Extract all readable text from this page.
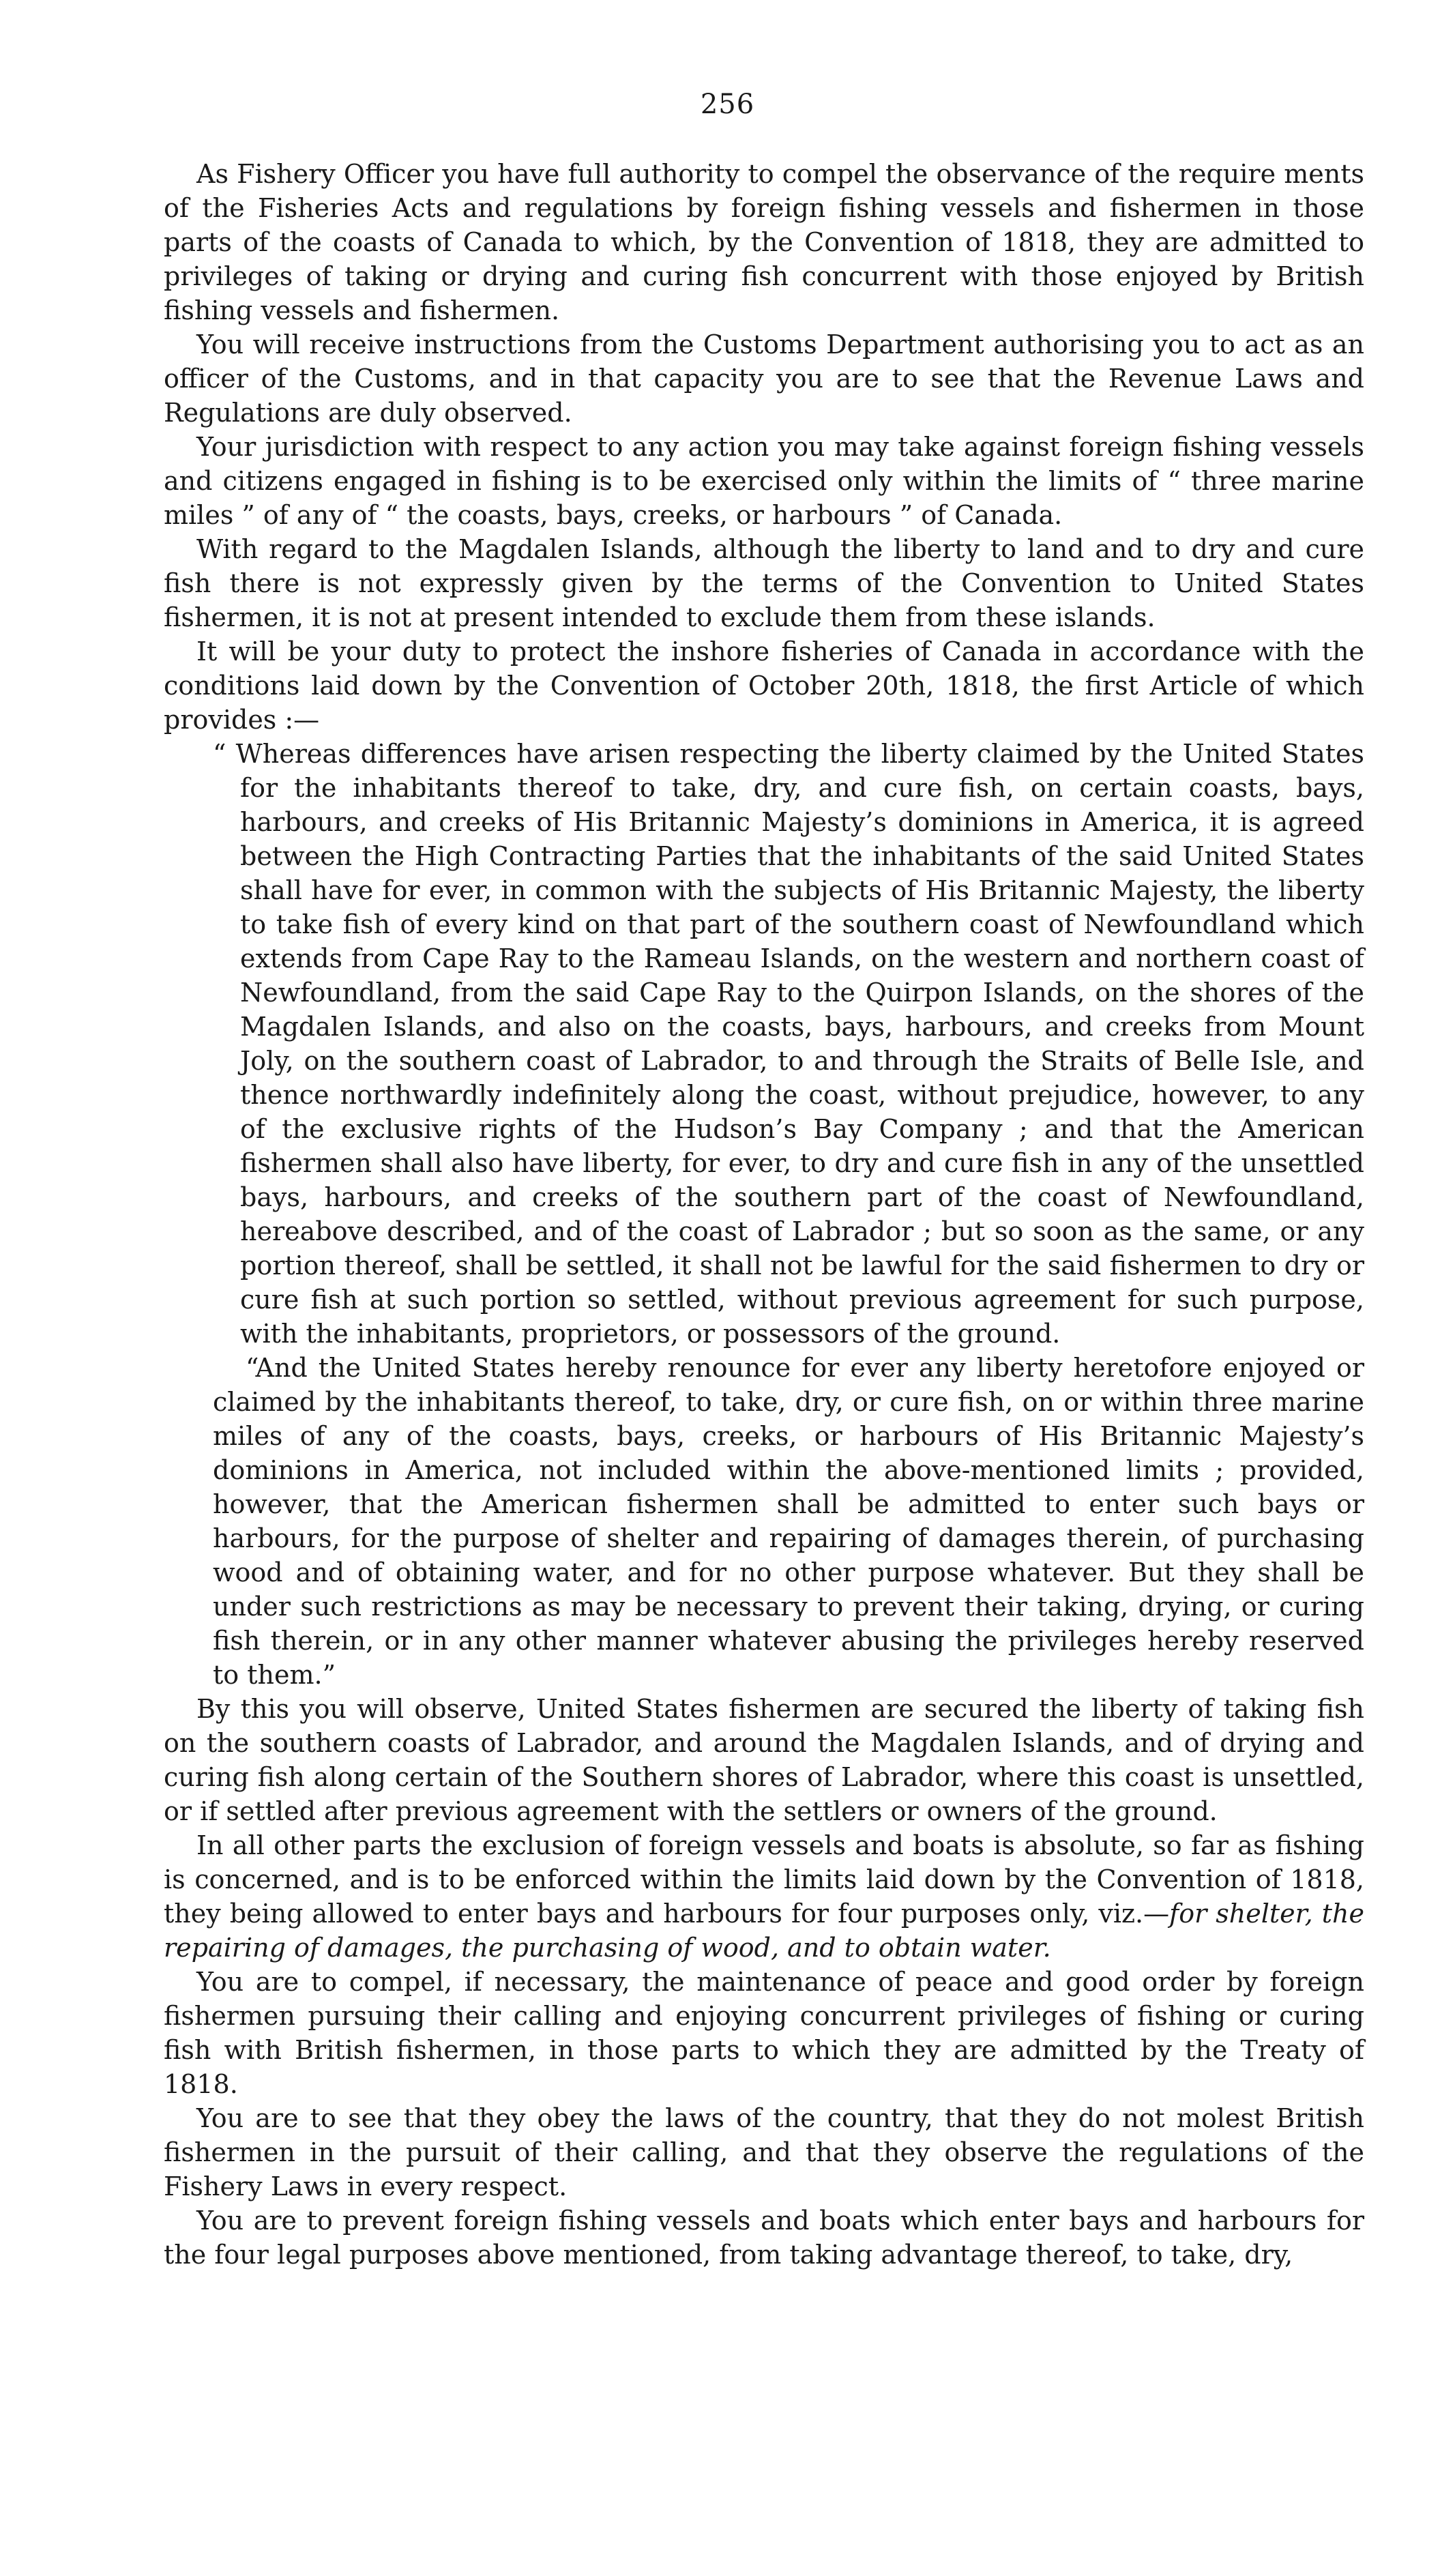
256

As Fishery Officer you have full authority to compel the observance of the require ments of the Fisheries Acts and regulations by foreign fishing vessels and fishermen in those parts of the coasts of Canada to which, by the Convention of 1818, they are admitted to privileges of taking or drying and curing fish concurrent with those enjoyed by British fishing vessels and fishermen.

You will receive instructions from the Customs Department authorising you to act as an officer of the Customs, and in that capacity you are to see that the Revenue Laws and Regulations are duly observed.

Your jurisdiction with respect to any action you may take against foreign fishing vessels and citizens engaged in fishing is to be exercised only within the limits of “ three marine miles ” of any of “ the coasts, bays, creeks, or harbours ” of Canada.

With regard to the Magdalen Islands, although the liberty to land and to dry and cure fish there is not expressly given by the terms of the Convention to United States fishermen, it is not at present intended to exclude them from these islands.

It will be your duty to protect the inshore fisheries of Canada in accordance with the conditions laid down by the Convention of October 20th, 1818, the first Article of which provides :—

“ Whereas differences have arisen respecting the liberty claimed by the United States for the inhabitants thereof to take, dry, and cure fish, on certain coasts, bays, harbours, and creeks of His Britannic Majesty’s dominions in America, it is agreed between the High Contracting Parties that the inhabitants of the said United States shall have for ever, in common with the subjects of His Britannic Majesty, the liberty to take fish of every kind on that part of the southern coast of Newfoundland which extends from Cape Ray to the Rameau Islands, on the western and northern coast of Newfoundland, from the said Cape Ray to the Quirpon Islands, on the shores of the Magdalen Islands, and also on the coasts, bays, harbours, and creeks from Mount Joly, on the southern coast of Labrador, to and through the Straits of Belle Isle, and thence northwardly indefinitely along the coast, without prejudice, however, to any of the exclusive rights of the Hudson’s Bay Company ; and that the American fishermen shall also have liberty, for ever, to dry and cure fish in any of the unsettled bays, harbours, and creeks of the southern part of the coast of Newfoundland, hereabove described, and of the coast of Labrador ; but so soon as the same, or any portion thereof, shall be settled, it shall not be lawful for the said fishermen to dry or cure fish at such portion so settled, without previous agreement for such purpose, with the inhabitants, proprietors, or possessors of the ground.

“And the United States hereby renounce for ever any liberty heretofore enjoyed or claimed by the inhabitants thereof, to take, dry, or cure fish, on or within three marine miles of any of the coasts, bays, creeks, or harbours of His Britannic Majesty’s dominions in America, not included within the above-mentioned limits ; provided, however, that the American fishermen shall be admitted to enter such bays or harbours, for the purpose of shelter and repairing of damages therein, of purchasing wood and of obtaining water, and for no other purpose whatever. But they shall be under such restrictions as may be necessary to prevent their taking, drying, or curing fish therein, or in any other manner whatever abusing the privileges hereby reserved to them.”

By this you will observe, United States fishermen are secured the liberty of taking fish on the southern coasts of Labrador, and around the Magdalen Islands, and of drying and curing fish along certain of the Southern shores of Labrador, where this coast is unsettled, or if settled after previous agreement with the settlers or owners of the ground.

In all other parts the exclusion of foreign vessels and boats is absolute, so far as fishing is concerned, and is to be enforced within the limits laid down by the Convention of 1818, they being allowed to enter bays and harbours for four purposes only, viz.—for shelter, the repairing of damages, the purchasing of wood, and to obtain water.

You are to compel, if necessary, the maintenance of peace and good order by foreign fishermen pursuing their calling and enjoying concurrent privileges of fishing or curing fish with British fishermen, in those parts to which they are admitted by the Treaty of 1818.

You are to see that they obey the laws of the country, that they do not molest British fishermen in the pursuit of their calling, and that they observe the regulations of the Fishery Laws in every respect.

You are to prevent foreign fishing vessels and boats which enter bays and harbours for the four legal purposes above mentioned, from taking advantage thereof, to take, dry,
